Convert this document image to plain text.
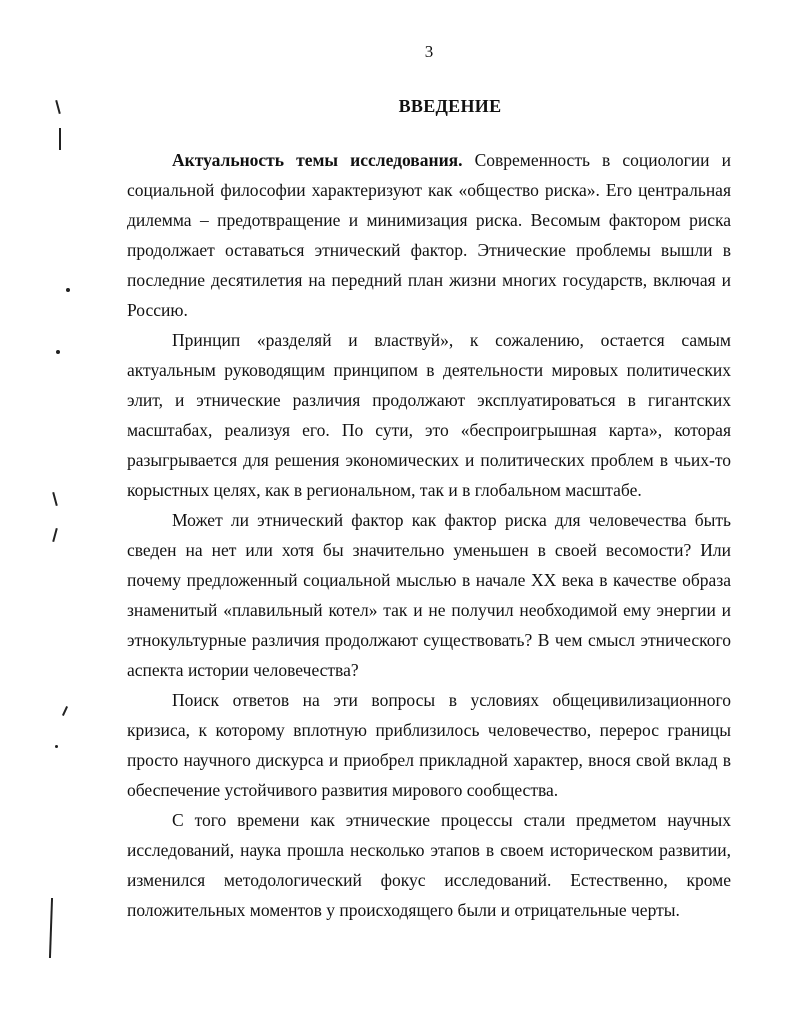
3
ВВЕДЕНИЕ

Актуальность темы исследования. Современность в социологии и социальной философии характеризуют как «общество риска». Его центральная дилемма – предотвращение и минимизация риска. Весомым фактором риска продолжает оставаться этнический фактор. Этнические проблемы вышли в последние десятилетия на передний план жизни многих государств, включая и Россию.

Принцип «разделяй и властвуй», к сожалению, остается самым актуальным руководящим принципом в деятельности мировых политических элит, и этнические различия продолжают эксплуатироваться в гигантских масштабах, реализуя его. По сути, это «беспроигрышная карта», которая разыгрывается для решения экономических и политических проблем в чьих-то корыстных целях, как в региональном, так и в глобальном масштабе.

Может ли этнический фактор как фактор риска для человечества быть сведен на нет или хотя бы значительно уменьшен в своей весомости? Или почему предложенный социальной мыслью в начале XX века в качестве образа знаменитый «плавильный котел» так и не получил необходимой ему энергии и этнокультурные различия продолжают существовать? В чем смысл этнического аспекта истории человечества?

Поиск ответов на эти вопросы в условиях общецивилизационного кризиса, к которому вплотную приблизилось человечество, перерос границы просто научного дискурса и приобрел прикладной характер, внося свой вклад в обеспечение устойчивого развития мирового сообщества.

С того времени как этнические процессы стали предметом научных исследований, наука прошла несколько этапов в своем историческом развитии, изменился методологический фокус исследований. Естественно, кроме положительных моментов у происходящего были и отрицательные черты.
